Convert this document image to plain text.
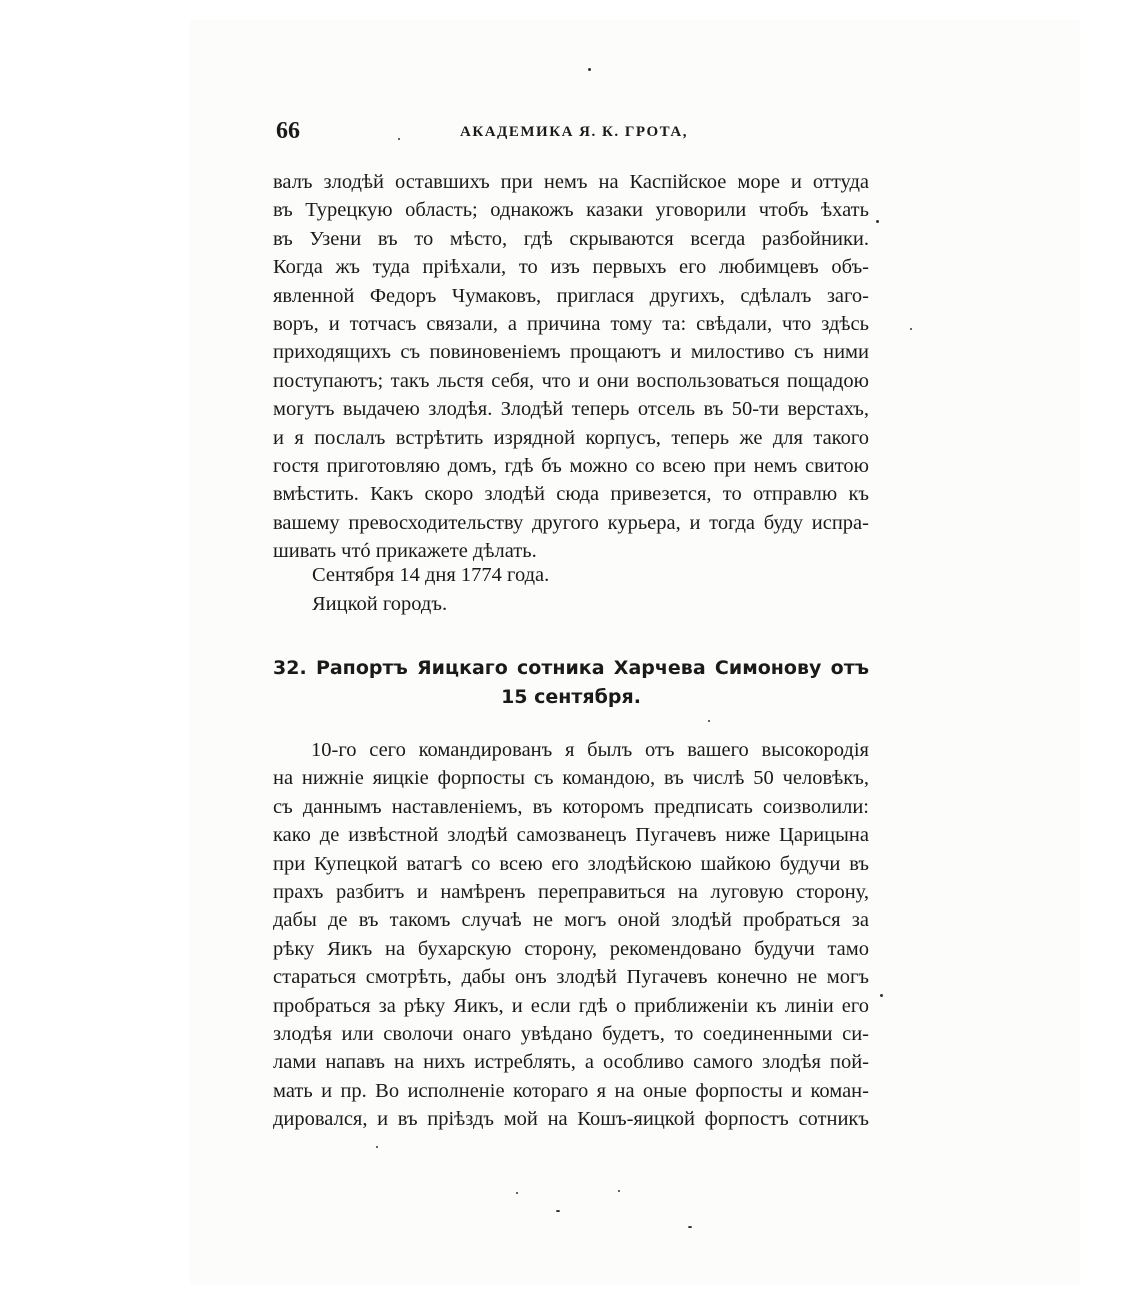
66	АКАДЕМИКА Я. К. ГРОТА,
валъ злодѣй оставшихъ при немъ на Каспійское море и оттуда
въ Турецкую область; однакожъ казаки уговорили чтобъ ѣхать
въ Узени въ то мѣсто, гдѣ скрываются всегда разбойники.
Когда жъ туда пріѣхали, то изъ первыхъ его любимцевъ объ-
явленной Федоръ Чумаковъ, приглася другихъ, сдѣлалъ заго-
воръ, и тотчасъ связали, а причина тому та: свѣдали, что здѣсь
приходящихъ съ повиновеніемъ прощаютъ и милостиво съ ними
поступаютъ; такъ льстя себя, что и они воспользоваться пощадою
могутъ выдачею злодѣя. Злодѣй теперь отсель въ 50-ти верстахъ,
и я послалъ встрѣтить изрядной корпусъ, теперь же для такого
гостя приготовляю домъ, гдѣ бъ можно со всею при немъ свитою
вмѣстить. Какъ скоро злодѣй сюда привезется, то отправлю къ
вашему превосходительству другого курьера, и тогда буду испра-
шивать чтó прикажете дѣлать.
Сентября 14 дня 1774 года.
Яицкой городъ.
32. Рапортъ Яицкаго сотника Харчева Симонову отъ
15 сентября.
10-го сего командированъ я былъ отъ вашего высокородія
на нижніе яицкіе форпосты съ командою, въ числѣ 50 человѣкъ,
съ даннымъ наставленіемъ, въ которомъ предписать соизволили:
како де извѣстной злодѣй самозванецъ Пугачевъ ниже Царицына
при Купецкой ватагѣ со всею его злодѣйскою шайкою будучи въ
прахъ разбитъ и намѣренъ переправиться на луговую сторону,
дабы де въ такомъ случаѣ не могъ оной злодѣй пробраться за
рѣку Яикъ на бухарскую сторону, рекомендовано будучи тамо
стараться смотрѣть, дабы онъ злодѣй Пугачевъ конечно не могъ
пробраться за рѣку Яикъ, и если гдѣ о приближеніи къ линіи его
злодѣя или сволочи онаго увѣдано будетъ, то соединенными си-
лами напавъ на нихъ истреблять, а особливо самого злодѣя пой-
мать и пр. Во исполненіе котораго я на оные форпосты и коман-
дировался, и въ пріѣздъ мой на Кошъ-яицкой форпостъ сотникъ
